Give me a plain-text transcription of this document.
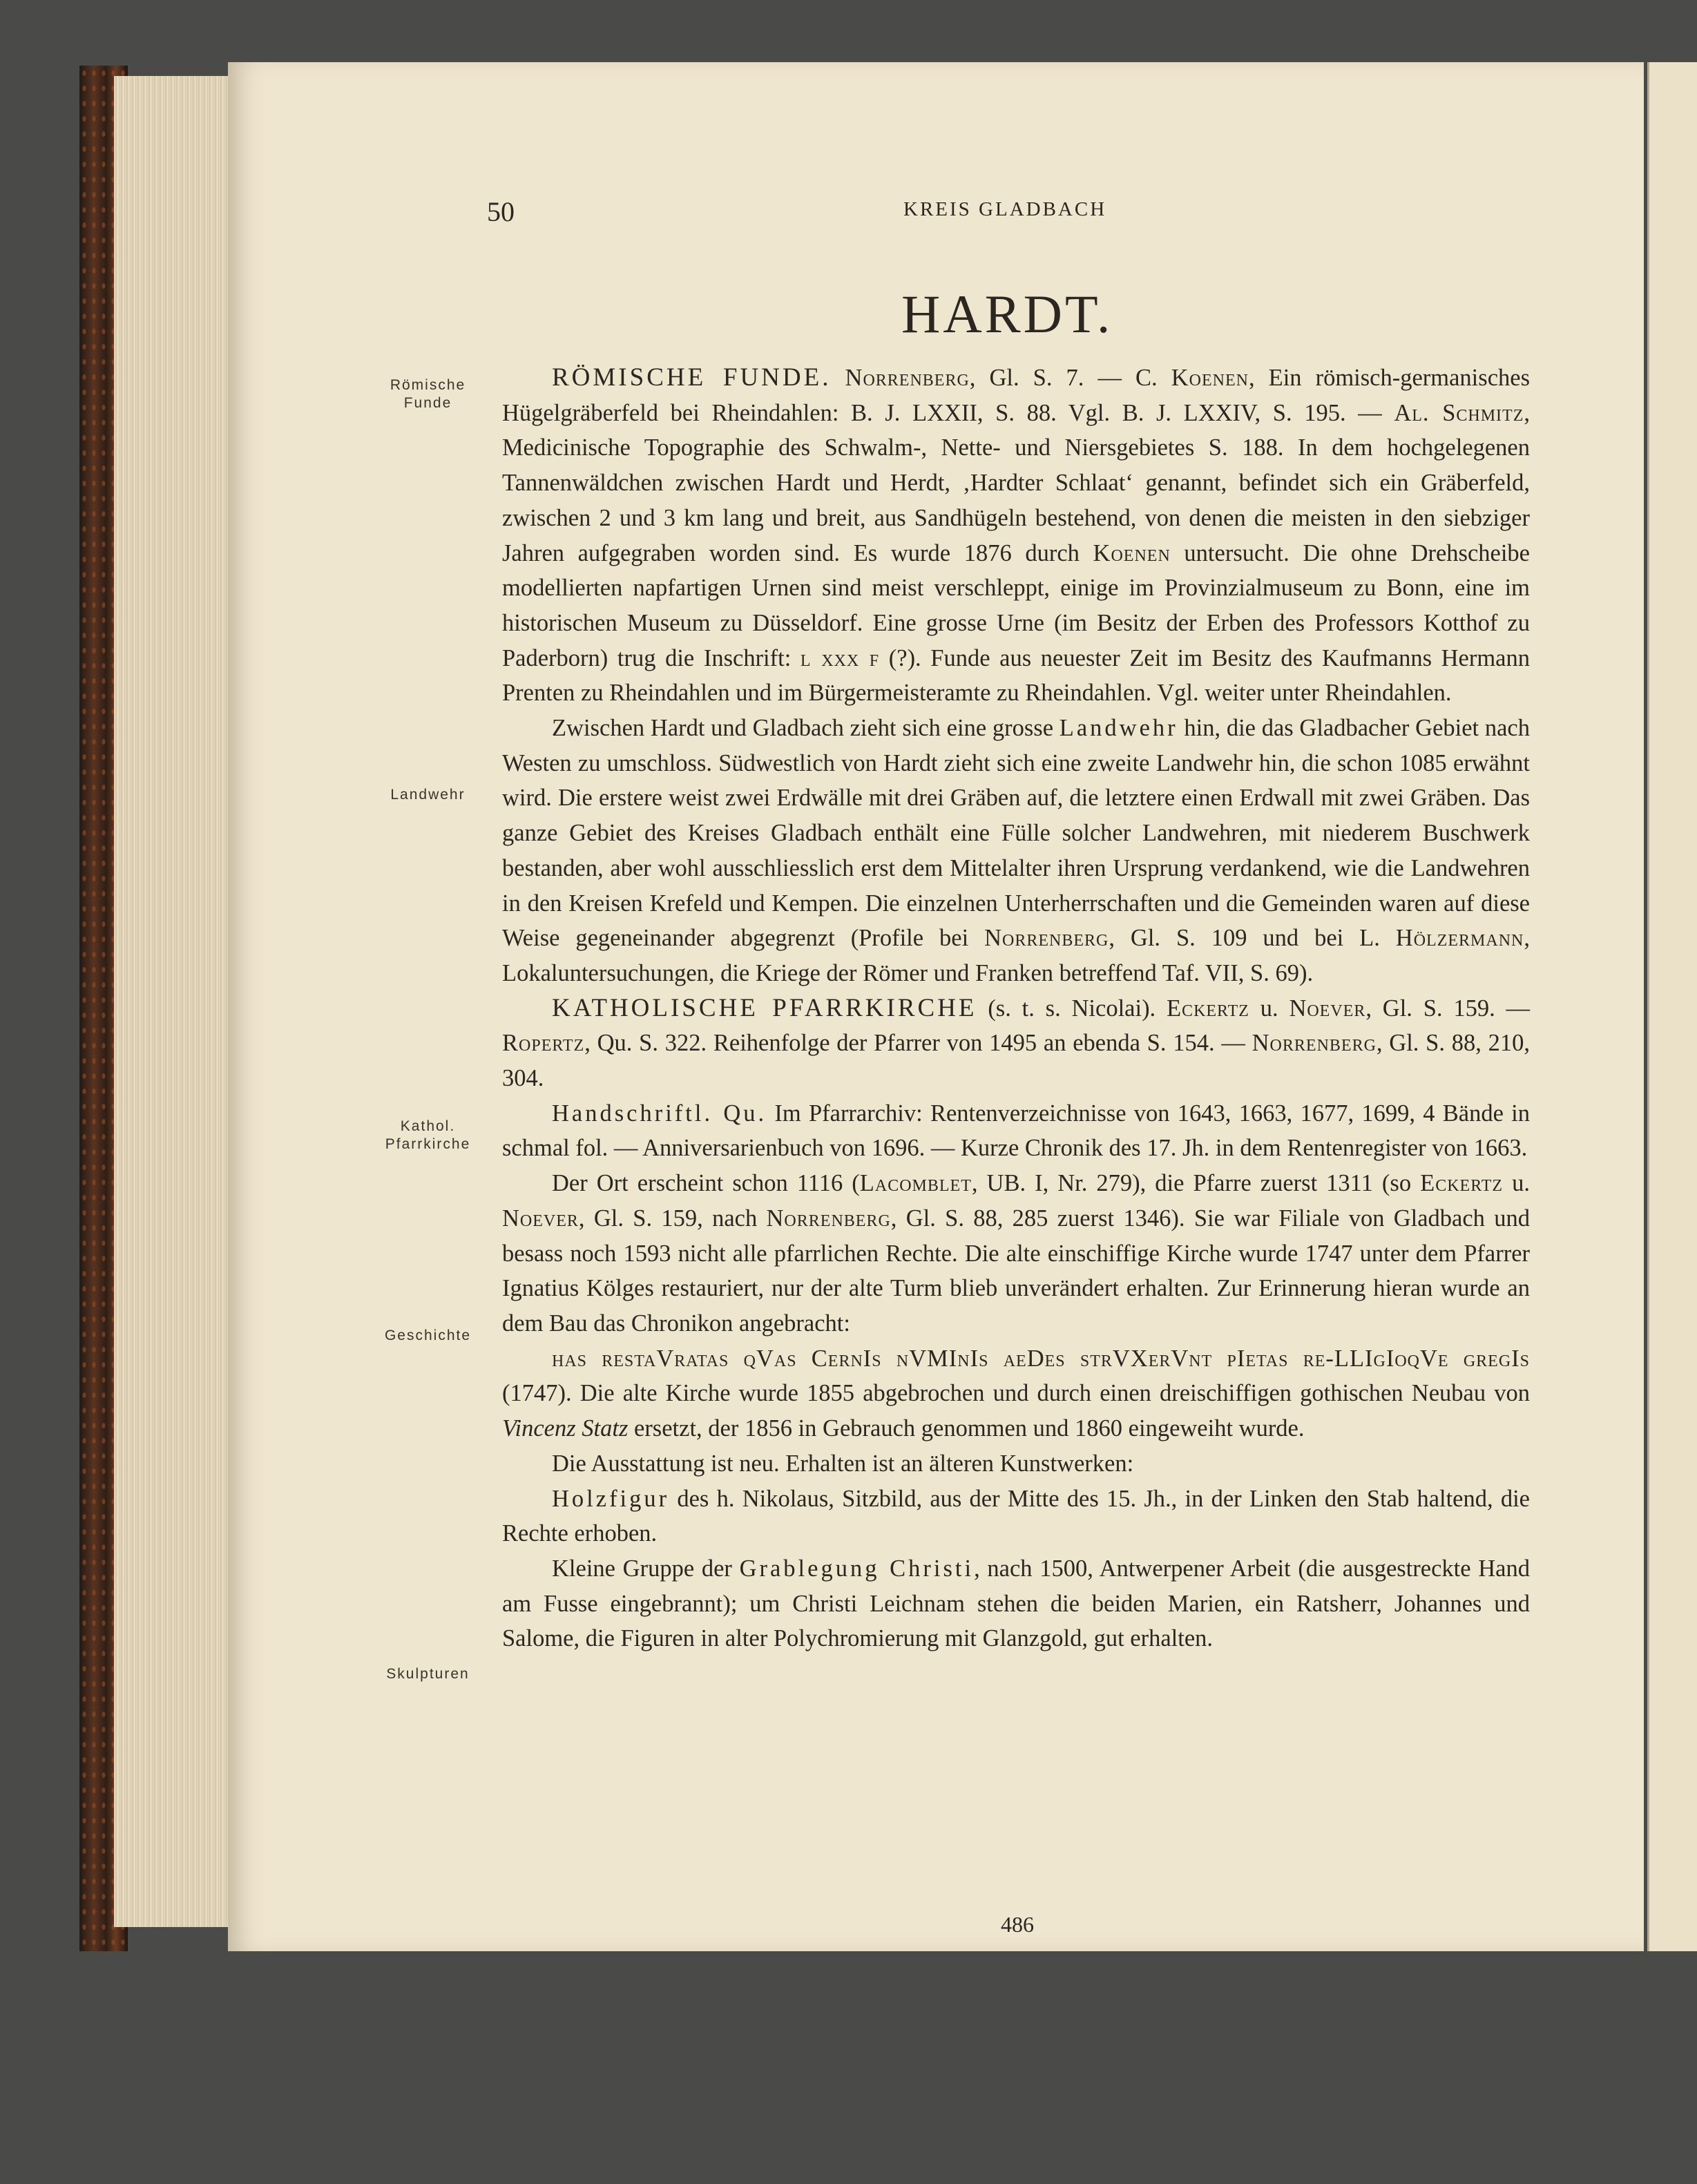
50	KREIS GLADBACH
HARDT.
Römische Funde
Landwehr
Kathol. Pfarrkirche
Geschichte
Skulpturen

RÖMISCHE FUNDE. Norrenberg, Gl. S. 7. — C. Koenen, Ein römisch-germanisches Hügelgräberfeld bei Rheindahlen: B. J. LXXII, S. 88. Vgl. B. J. LXXIV, S. 195. — Al. Schmitz, Medicinische Topographie des Schwalm-, Nette- und Niersgebietes S. 188. In dem hochgelegenen Tannenwäldchen zwischen Hardt und Herdt, ‚Hardter Schlaat‘ genannt, befindet sich ein Gräberfeld, zwischen 2 und 3 km lang und breit, aus Sandhügeln bestehend, von denen die meisten in den siebziger Jahren aufgegraben worden sind. Es wurde 1876 durch Koenen untersucht. Die ohne Drehscheibe modellierten napfartigen Urnen sind meist verschleppt, einige im Provinzialmuseum zu Bonn, eine im historischen Museum zu Düsseldorf. Eine grosse Urne (im Besitz der Erben des Professors Kotthof zu Paderborn) trug die Inschrift: l xxx f (?). Funde aus neuester Zeit im Besitz des Kaufmanns Hermann Prenten zu Rheindahlen und im Bürgermeisteramte zu Rheindahlen. Vgl. weiter unter Rheindahlen.

Zwischen Hardt und Gladbach zieht sich eine grosse Landwehr hin, die das Gladbacher Gebiet nach Westen zu umschloss. Südwestlich von Hardt zieht sich eine zweite Landwehr hin, die schon 1085 erwähnt wird. Die erstere weist zwei Erdwälle mit drei Gräben auf, die letztere einen Erdwall mit zwei Gräben. Das ganze Gebiet des Kreises Gladbach enthält eine Fülle solcher Landwehren, mit niederem Buschwerk bestanden, aber wohl ausschliesslich erst dem Mittelalter ihren Ursprung verdankend, wie die Landwehren in den Kreisen Krefeld und Kempen. Die einzelnen Unterherrschaften und die Gemeinden waren auf diese Weise gegeneinander abgegrenzt (Profile bei Norrenberg, Gl. S. 109 und bei L. Hölzermann, Lokaluntersuchungen, die Kriege der Römer und Franken betreffend Taf. VII, S. 69).

KATHOLISCHE PFARRKIRCHE (s. t. s. Nicolai). Eckertz u. Noever, Gl. S. 159. — Ropertz, Qu. S. 322. Reihenfolge der Pfarrer von 1495 an ebenda S. 154. — Norrenberg, Gl. S. 88, 210, 304.

Handschriftl. Qu. Im Pfarrarchiv: Rentenverzeichnisse von 1643, 1663, 1677, 1699, 4 Bände in schmal fol. — Anniversarienbuch von 1696. — Kurze Chronik des 17. Jh. in dem Rentenregister von 1663.

Der Ort erscheint schon 1116 (Lacomblet, UB. I, Nr. 279), die Pfarre zuerst 1311 (so Eckertz u. Noever, Gl. S. 159, nach Norrenberg, Gl. S. 88, 285 zuerst 1346). Sie war Filiale von Gladbach und besass noch 1593 nicht alle pfarrlichen Rechte. Die alte einschiffige Kirche wurde 1747 unter dem Pfarrer Ignatius Kölges restauriert, nur der alte Turm blieb unverändert erhalten. Zur Erinnerung hieran wurde an dem Bau das Chronikon angebracht:

has restaVratas qVas CernIs nVMInIs aeDes strVXerVnt pIetas re-LLIgIoqVe gregIs (1747). Die alte Kirche wurde 1855 abgebrochen und durch einen dreischiffigen gothischen Neubau von Vincenz Statz ersetzt, der 1856 in Gebrauch genommen und 1860 eingeweiht wurde.

Die Ausstattung ist neu. Erhalten ist an älteren Kunstwerken:

Holzfigur des h. Nikolaus, Sitzbild, aus der Mitte des 15. Jh., in der Linken den Stab haltend, die Rechte erhoben.

Kleine Gruppe der Grablegung Christi, nach 1500, Antwerpener Arbeit (die ausgestreckte Hand am Fusse eingebrannt); um Christi Leichnam stehen die beiden Marien, ein Ratsherr, Johannes und Salome, die Figuren in alter Polychromierung mit Glanzgold, gut erhalten.

486
